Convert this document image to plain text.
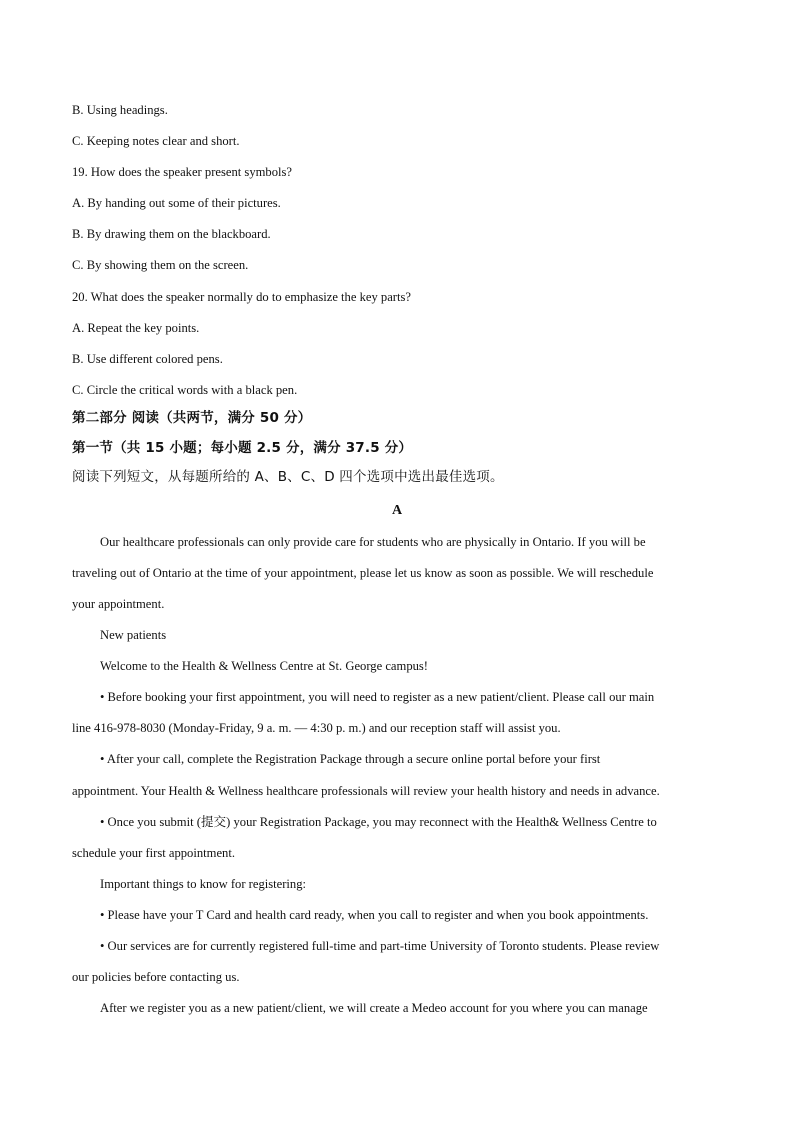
B. Using headings.
C. Keeping notes clear and short.
19. How does the speaker present symbols?
A. By handing out some of their pictures.
B. By drawing them on the blackboard.
C. By showing them on the screen.
20. What does the speaker normally do to emphasize the key parts?
A. Repeat the key points.
B. Use different colored pens.
C. Circle the critical words with a black pen.
第二部分 阅读（共两节，满分 50 分）
第一节（共 15 小题；每小题 2.5 分，满分 37.5 分）
阅读下列短文，从每题所给的 A、B、C、D 四个选项中选出最佳选项。
A
Our healthcare professionals can only provide care for students who are physically in Ontario. If you will be
traveling out of Ontario at the time of your appointment, please let us know as soon as possible. We will reschedule
your appointment.
New patients
Welcome to the Health & Wellness Centre at St. George campus!
• Before booking your first appointment, you will need to register as a new patient/client. Please call our main
line 416-978-8030 (Monday-Friday, 9 a. m. — 4:30 p. m.) and our reception staff will assist you.
• After your call, complete the Registration Package through a secure online portal before your first
appointment. Your Health & Wellness healthcare professionals will review your health history and needs in advance.
• Once you submit (提交) your Registration Package, you may reconnect with the Health& Wellness Centre to
schedule your first appointment.
Important things to know for registering:
• Please have your T Card and health card ready, when you call to register and when you book appointments.
• Our services are for currently registered full-time and part-time University of Toronto students. Please review
our policies before contacting us.
After we register you as a new patient/client, we will create a Medeo account for you where you can manage
